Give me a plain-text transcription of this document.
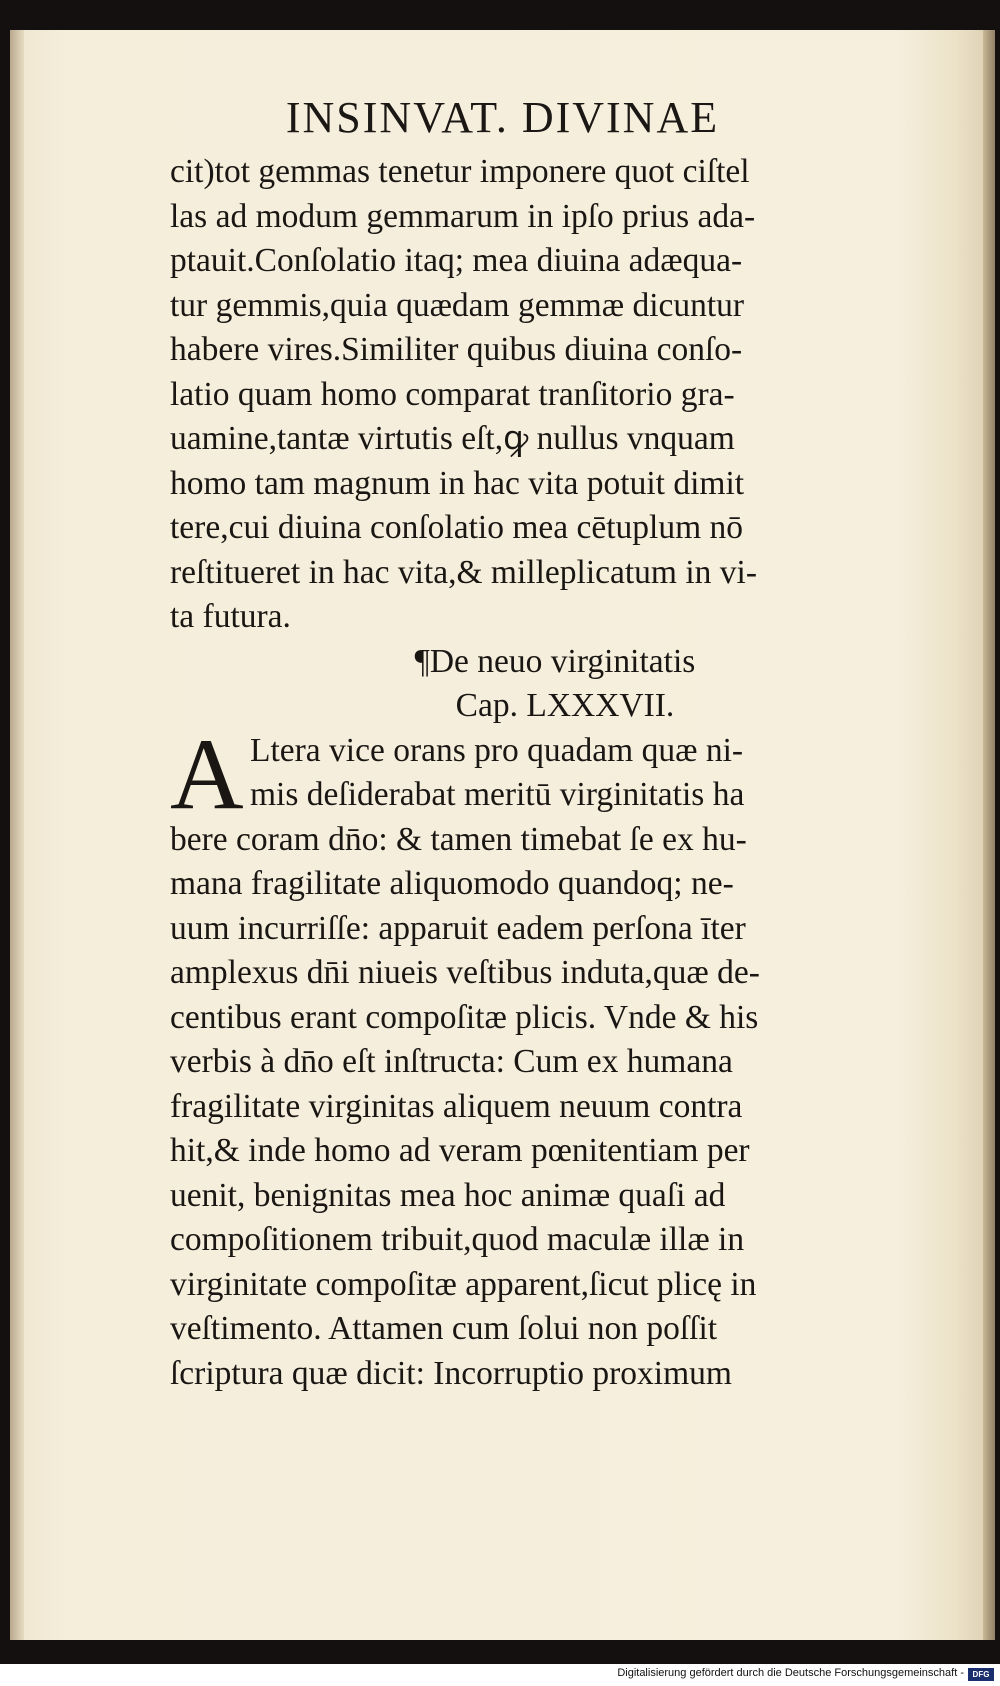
INSINVAT. DIVINAE
cit)tot gemmas tenetur imponere quot ciſtel
las ad modum gemmarum in ipſo prius ada-
ptauit.Conſolatio itaq; mea diuina adæqua-
tur gemmis,quia quædam gemmæ dicuntur
habere vires.Similiter quibus diuina conſo-
latio quam homo comparat tranſitorio gra-
uamine,tantæ virtutis eſt,ꝙ nullus vnquam
homo tam magnum in hac vita potuit dimit
tere,cui diuina conſolatio mea cētuplum nō
reſtitueret in hac vita,& milleplicatum in vi-
ta futura.
¶De neuo virginitatis
Cap. LXXXVII.
A Ltera vice orans pro quadam quæ ni-
mis deſiderabat meritū virginitatis ha
bere coram dn̄o: & tamen timebat ſe ex hu-
mana fragilitate aliquomodo quandoq; ne-
uum incurriſſe: apparuit eadem perſona īter
amplexus dn̄i niueis veſtibus induta,quæ de-
centibus erant compoſitæ plicis. Vnde & his
verbis à dn̄o eſt inſtructa: Cum ex humana
fragilitate virginitas aliquem neuum contra
hit,& inde homo ad veram pœnitentiam per
uenit, benignitas mea hoc animæ quaſi ad
compoſitionem tribuit,quod maculæ illæ in
virginitate compoſitæ apparent,ſicut plicę in
veſtimento. Attamen cum ſolui non poſſit
ſcriptura quæ dicit: Incorruptio proximum
Digitalisierung gefördert durch die Deutsche Forschungsgemeinschaft -	DFG
